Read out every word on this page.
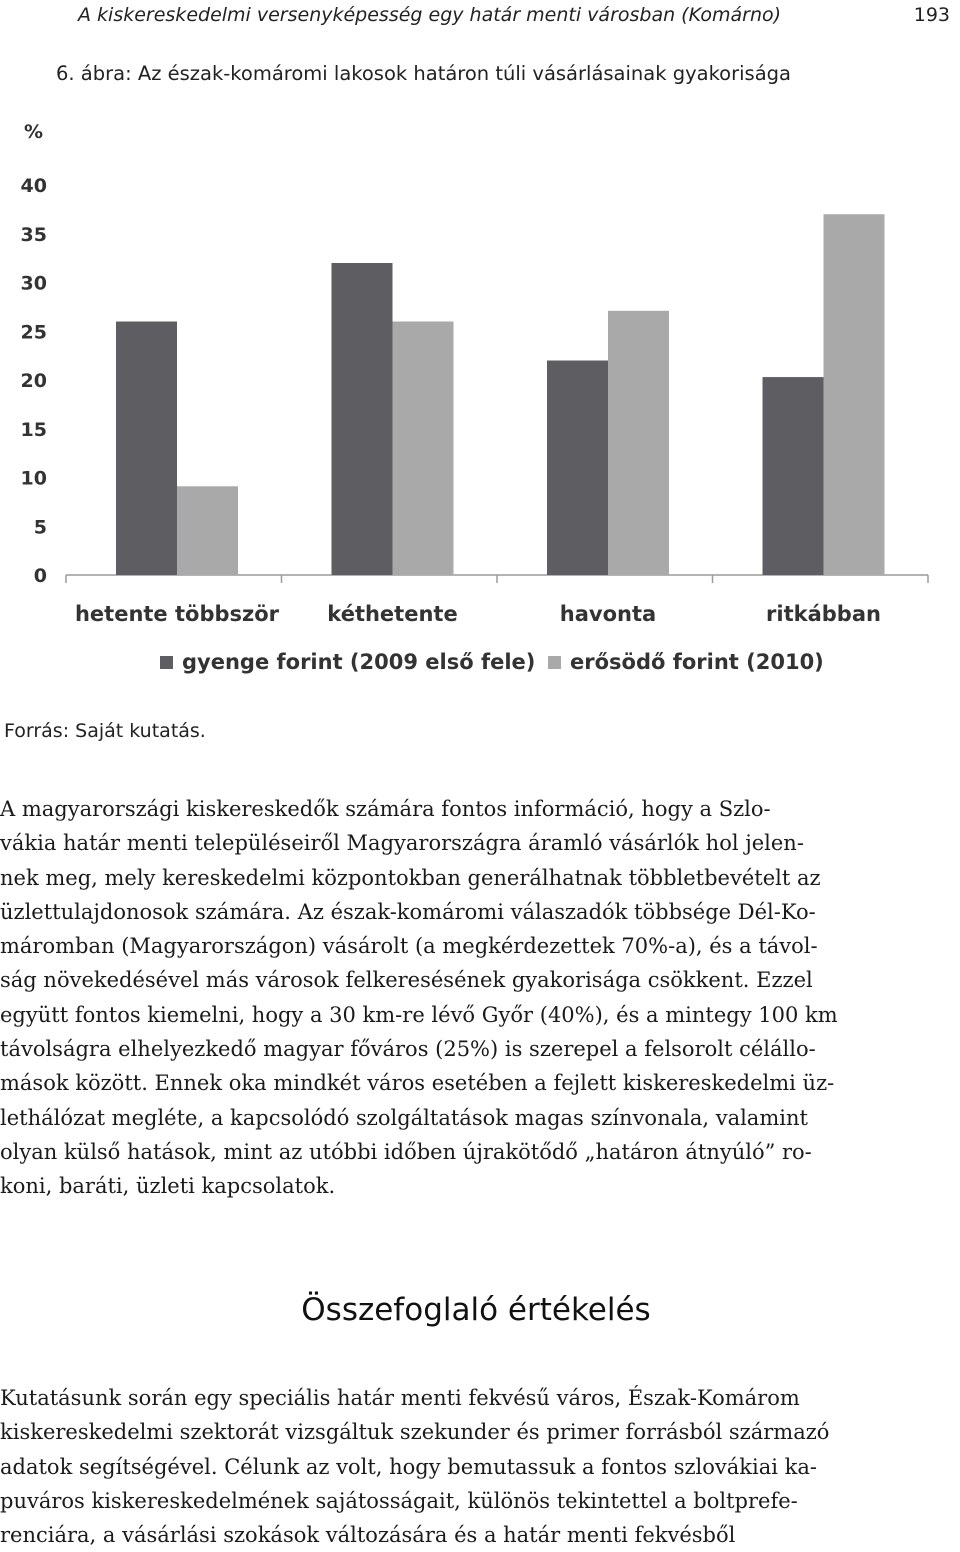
A kiskereskedelmi versenyképesség egy határ menti városban (Komárno)	193
6. ábra: Az észak-komáromi lakosok határon túli vásárlásainak gyakorisága
%
0
5
10
15
20
25
30
35
40
hetente többször kéthetente	havonta	ritkábban
gyenge forint (2009 első fele) erősödő forint (2010)
Forrás: Saját kutatás.
A magyarországi kiskereskedők számára fontos információ, hogy a Szlo-
vákia határ menti településeiről Magyarországra áramló vásárlók hol jelen-
nek meg, mely kereskedelmi központokban generálhatnak többletbevételt az
üzlettulajdonosok számára. Az észak-komáromi válaszadók többsége Dél-Ko-
máromban (Magyarországon) vásárolt (a megkérdezettek 70%-a), és a távol-
ság növekedésével más városok felkeresésének gyakorisága csökkent. Ezzel
együtt fontos kiemelni, hogy a 30 km-re lévő Győr (40%), és a mintegy 100 km
távolságra elhelyezkedő magyar főváros (25%) is szerepel a felsorolt célállo-
mások között. Ennek oka mindkét város esetében a fejlett kiskereskedelmi üz-
lethálózat megléte, a kapcsolódó szolgáltatások magas színvonala, valamint
olyan külső hatások, mint az utóbbi időben újrakötődő „határon átnyúló” ro-
koni, baráti, üzleti kapcsolatok.
Összefoglaló értékelés
Kutatásunk során egy speciális határ menti fekvésű város, Észak-Komárom
kiskereskedelmi szektorát vizsgáltuk szekunder és primer forrásból származó
adatok segítségével. Célunk az volt, hogy bemutassuk a fontos szlovákiai ka-
puváros kiskereskedelmének sajátosságait, különös tekintettel a boltprefe-
renciára, a vásárlási szokások változására és a határ menti fekvésből
